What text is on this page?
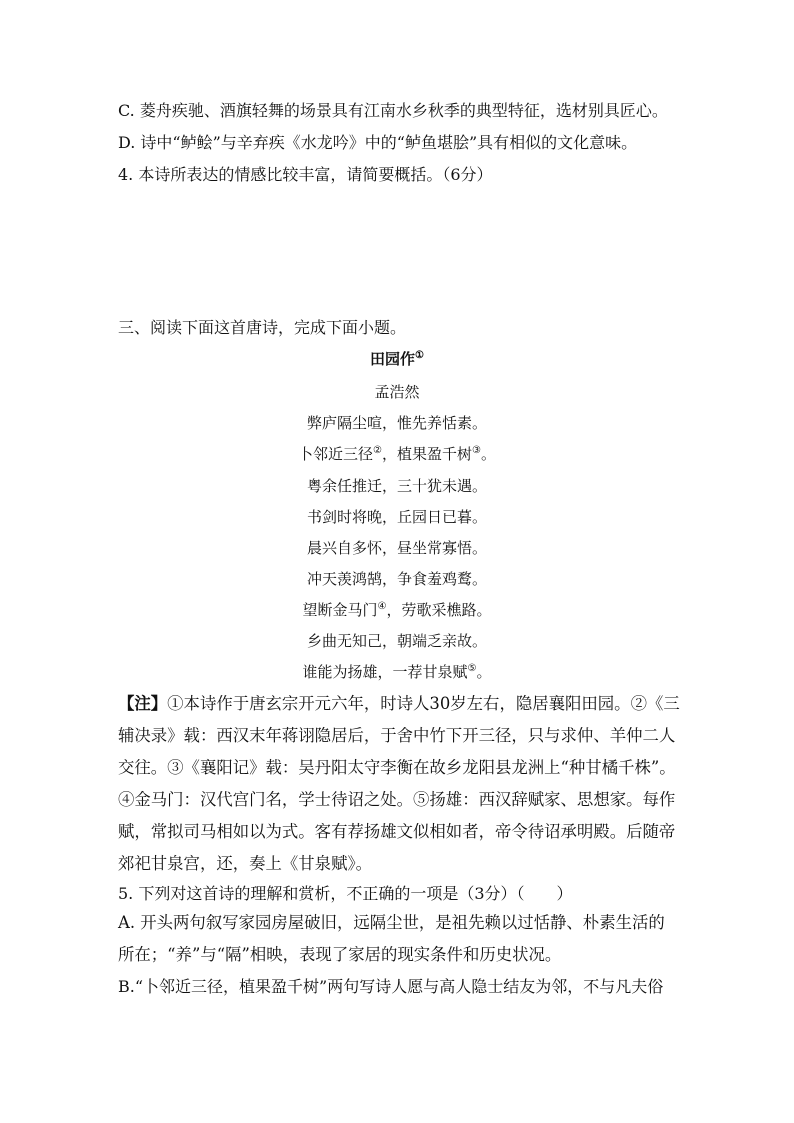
C. 菱舟疾驰、酒旗轻舞的场景具有江南水乡秋季的典型特征，选材别具匠心。
D. 诗中“鲈鲙”与辛弃疾《水龙吟》中的“鲈鱼堪脍”具有相似的文化意味。
4. 本诗所表达的情感比较丰富，请简要概括。（6分）
三、阅读下面这首唐诗，完成下面小题。
田园作①
孟浩然
弊庐隔尘喧，惟先养恬素。
卜邻近三径②，植果盈千树③。
粤余任推迁，三十犹未遇。
书剑时将晚，丘园日已暮。
晨兴自多怀，昼坐常寡悟。
冲天羡鸿鹄，争食羞鸡鹜。
望断金马门④，劳歌采樵路。
乡曲无知己，朝端乏亲故。
谁能为扬雄，一荐甘泉赋⑤。
【注】①本诗作于唐玄宗开元六年，时诗人30岁左右，隐居襄阳田园。②《三辅决录》载：西汉末年蒋诩隐居后，于舍中竹下开三径，只与求仲、羊仲二人交往。③《襄阳记》载：吴丹阳太守李衡在故乡龙阳县龙洲上“种甘橘千株”。④金马门：汉代宫门名，学士待诏之处。⑤扬雄：西汉辞赋家、思想家。每作赋，常拟司马相如以为式。客有荐扬雄文似相如者，帝令待诏承明殿。后随帝郊祀甘泉宫，还，奏上《甘泉赋》。
5. 下列对这首诗的理解和赏析，不正确的一项是（3分）（　　）
A. 开头两句叙写家园房屋破旧，远隔尘世，是祖先赖以过恬静、朴素生活的所在；“养”与“隔”相映，表现了家居的现实条件和历史状况。
B.“卜邻近三径，植果盈千树”两句写诗人愿与高人隐士结友为邻，不与凡夫俗
